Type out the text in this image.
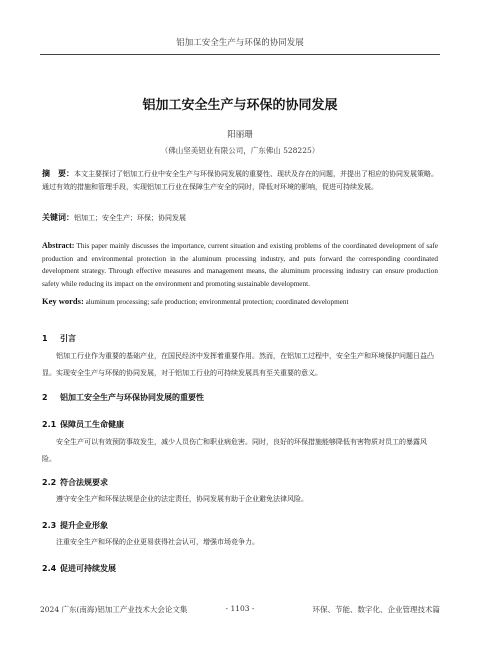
铝加工安全生产与环保的协同发展
铝加工安全生产与环保的协同发展
阳丽珊
（佛山坚美铝业有限公司，广东佛山 528225）
摘　要：本文主要探讨了铝加工行业中安全生产与环保协同发展的重要性、现状及存在的问题，并提出了相应的协同发展策略。通过有效的措施和管理手段，实现铝加工行业在保障生产安全的同时，降低对环境的影响，促进可持续发展。
关键词：铝加工；安全生产；环保；协同发展
Abstract: This paper mainly discusses the importance, current situation and existing problems of the coordinated development of safe production and environmental protection in the aluminum processing industry, and puts forward the corresponding coordinated development strategy. Through effective measures and management means, the aluminum processing industry can ensure production safety while reducing its impact on the environment and promoting sustainable development.
Key words: aluminum processing; safe production; environmental protection; coordinated development
1 引言
铝加工行业作为重要的基础产业，在国民经济中发挥着重要作用。然而，在铝加工过程中，安全生产和环境保护问题日益凸显。实现安全生产与环保的协同发展，对于铝加工行业的可持续发展具有至关重要的意义。
2 铝加工安全生产与环保协同发展的重要性
2.1 保障员工生命健康
安全生产可以有效预防事故发生，减少人员伤亡和职业病危害。同时，良好的环保措施能够降低有害物质对员工的暴露风险。
2.2 符合法规要求
遵守安全生产和环保法规是企业的法定责任，协同发展有助于企业避免法律风险。
2.3 提升企业形象
注重安全生产和环保的企业更易获得社会认可，增强市场竞争力。
2.4 促进可持续发展
2024 广东(南海)铝加工产业技术大会论文集	- 1103 -	环保、节能、数字化、企业管理技术篇
